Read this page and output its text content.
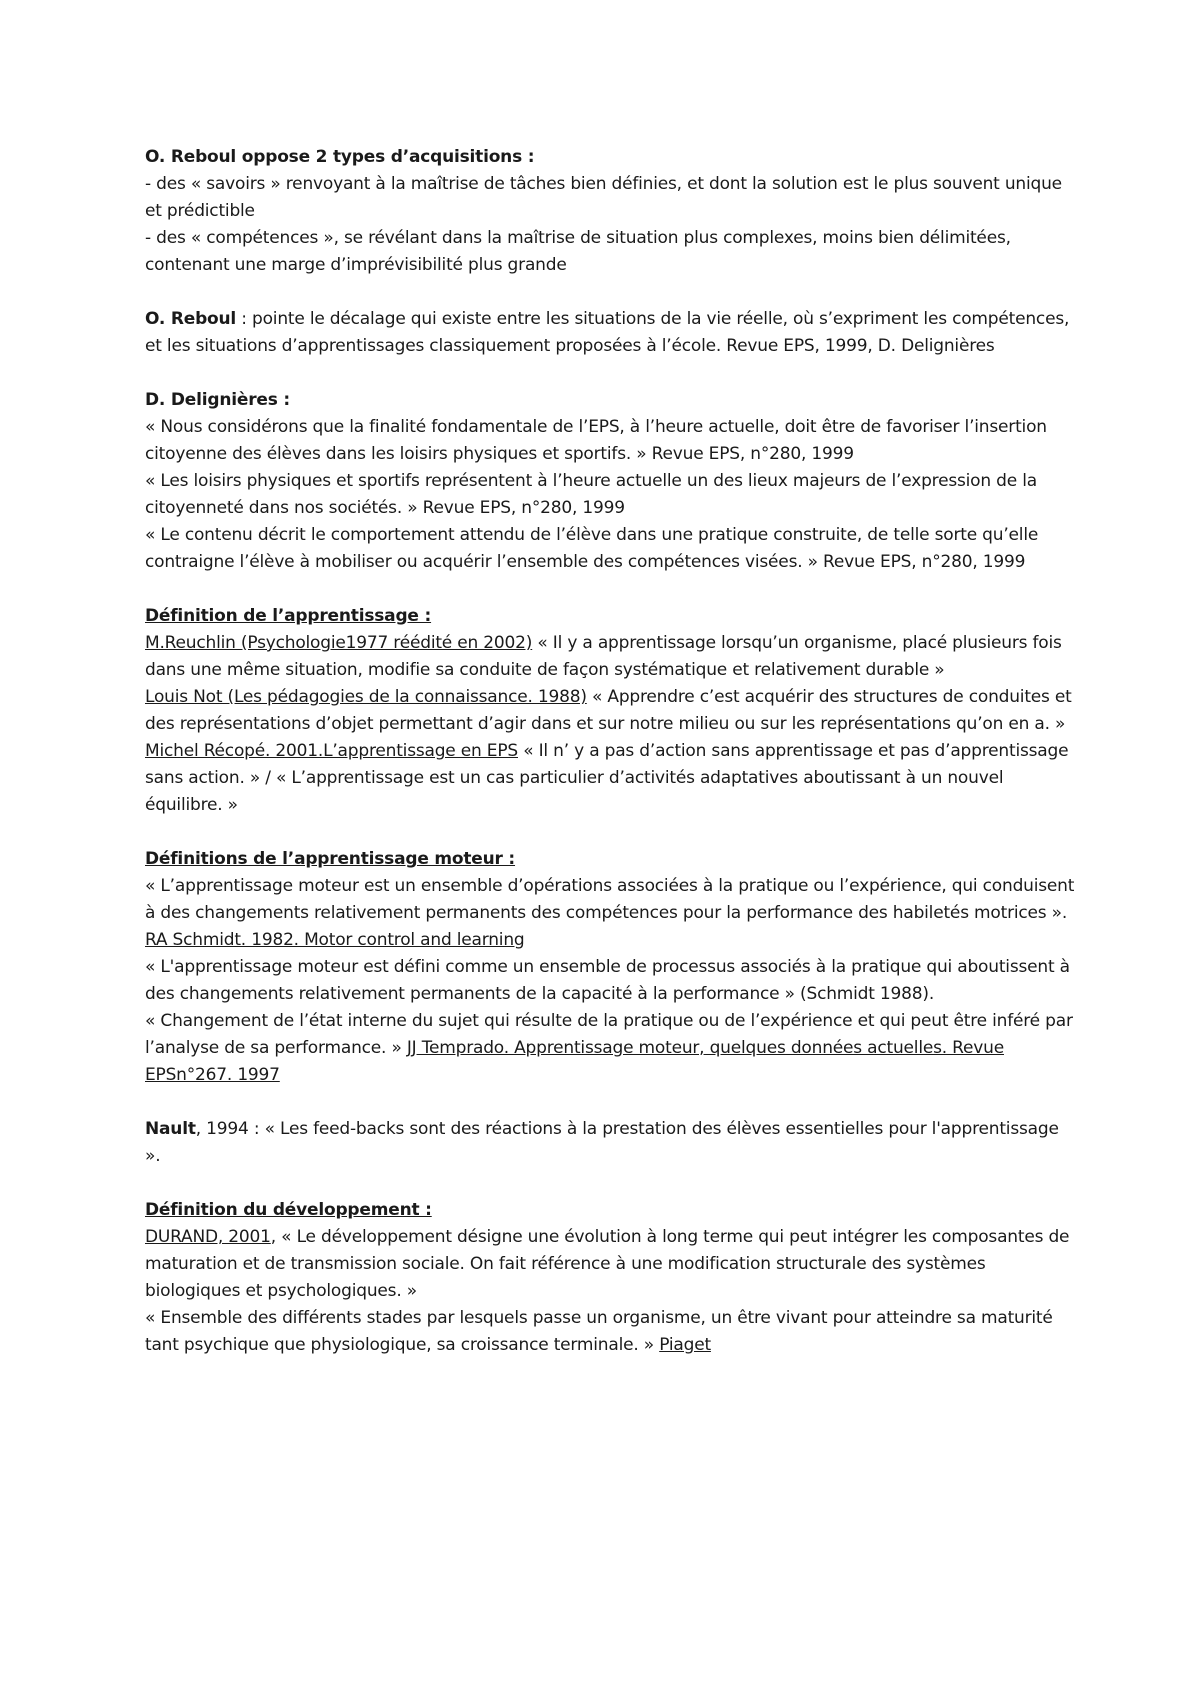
O. Reboul oppose 2 types d’acquisitions :
- des « savoirs » renvoyant à la maîtrise de tâches bien définies, et dont la solution est le plus souvent unique et prédictible
- des « compétences », se révélant dans la maîtrise de situation plus complexes, moins bien délimitées, contenant une marge d’imprévisibilité plus grande
O. Reboul : pointe le décalage qui existe entre les situations de la vie réelle, où s’expriment les compétences, et les situations d’apprentissages classiquement proposées à l’école. Revue EPS, 1999, D. Delignières
D. Delignières :
« Nous considérons que la finalité fondamentale de l’EPS, à l’heure actuelle, doit être de favoriser l’insertion citoyenne des élèves dans les loisirs physiques et sportifs. » Revue EPS, n°280, 1999
« Les loisirs physiques et sportifs représentent à l’heure actuelle un des lieux majeurs de l’expression de la citoyenneté dans nos sociétés. » Revue EPS, n°280, 1999
« Le contenu décrit le comportement attendu de l’élève dans une pratique construite, de telle sorte qu’elle contraigne l’élève à mobiliser ou acquérir l’ensemble des compétences visées. » Revue EPS, n°280, 1999
Définition de l’apprentissage :
M.Reuchlin (Psychologie1977 réédité en 2002) « Il y a apprentissage lorsqu’un organisme, placé plusieurs fois dans une même situation, modifie sa conduite de façon systématique et relativement durable »
Louis Not (Les pédagogies de la connaissance. 1988) « Apprendre c’est acquérir des structures de conduites et des représentations d’objet permettant d’agir dans et sur notre milieu ou sur les représentations qu’on en a. »
Michel Récopé. 2001.L’apprentissage en EPS « Il n’ y a pas d’action sans apprentissage et pas d’apprentissage sans action. » / « L’apprentissage est un cas particulier d’activités adaptatives aboutissant à un nouvel équilibre. »
Définitions de l’apprentissage moteur :
« L’apprentissage moteur est un ensemble d’opérations associées à la pratique ou l’expérience, qui conduisent à des changements relativement permanents des compétences pour la performance des habiletés motrices ». RA Schmidt. 1982. Motor control and learning
« L'apprentissage moteur est défini comme un ensemble de processus associés à la pratique qui aboutissent à des changements relativement permanents de la capacité à la performance » (Schmidt 1988).
« Changement de l’état interne du sujet qui résulte de la pratique ou de l’expérience et qui peut être inféré par l’analyse de sa performance. » JJ Temprado. Apprentissage moteur, quelques données actuelles. Revue EPSn°267. 1997
Nault, 1994 : « Les feed-backs sont des réactions à la prestation des élèves essentielles pour l'apprentissage ».
Définition du développement :
DURAND, 2001, « Le développement désigne une évolution à long terme qui peut intégrer les composantes de maturation et de transmission sociale. On fait référence à une modification structurale des systèmes biologiques et psychologiques. »
« Ensemble des différents stades par lesquels passe un organisme, un être vivant pour atteindre sa maturité tant psychique que physiologique, sa croissance terminale. » Piaget
